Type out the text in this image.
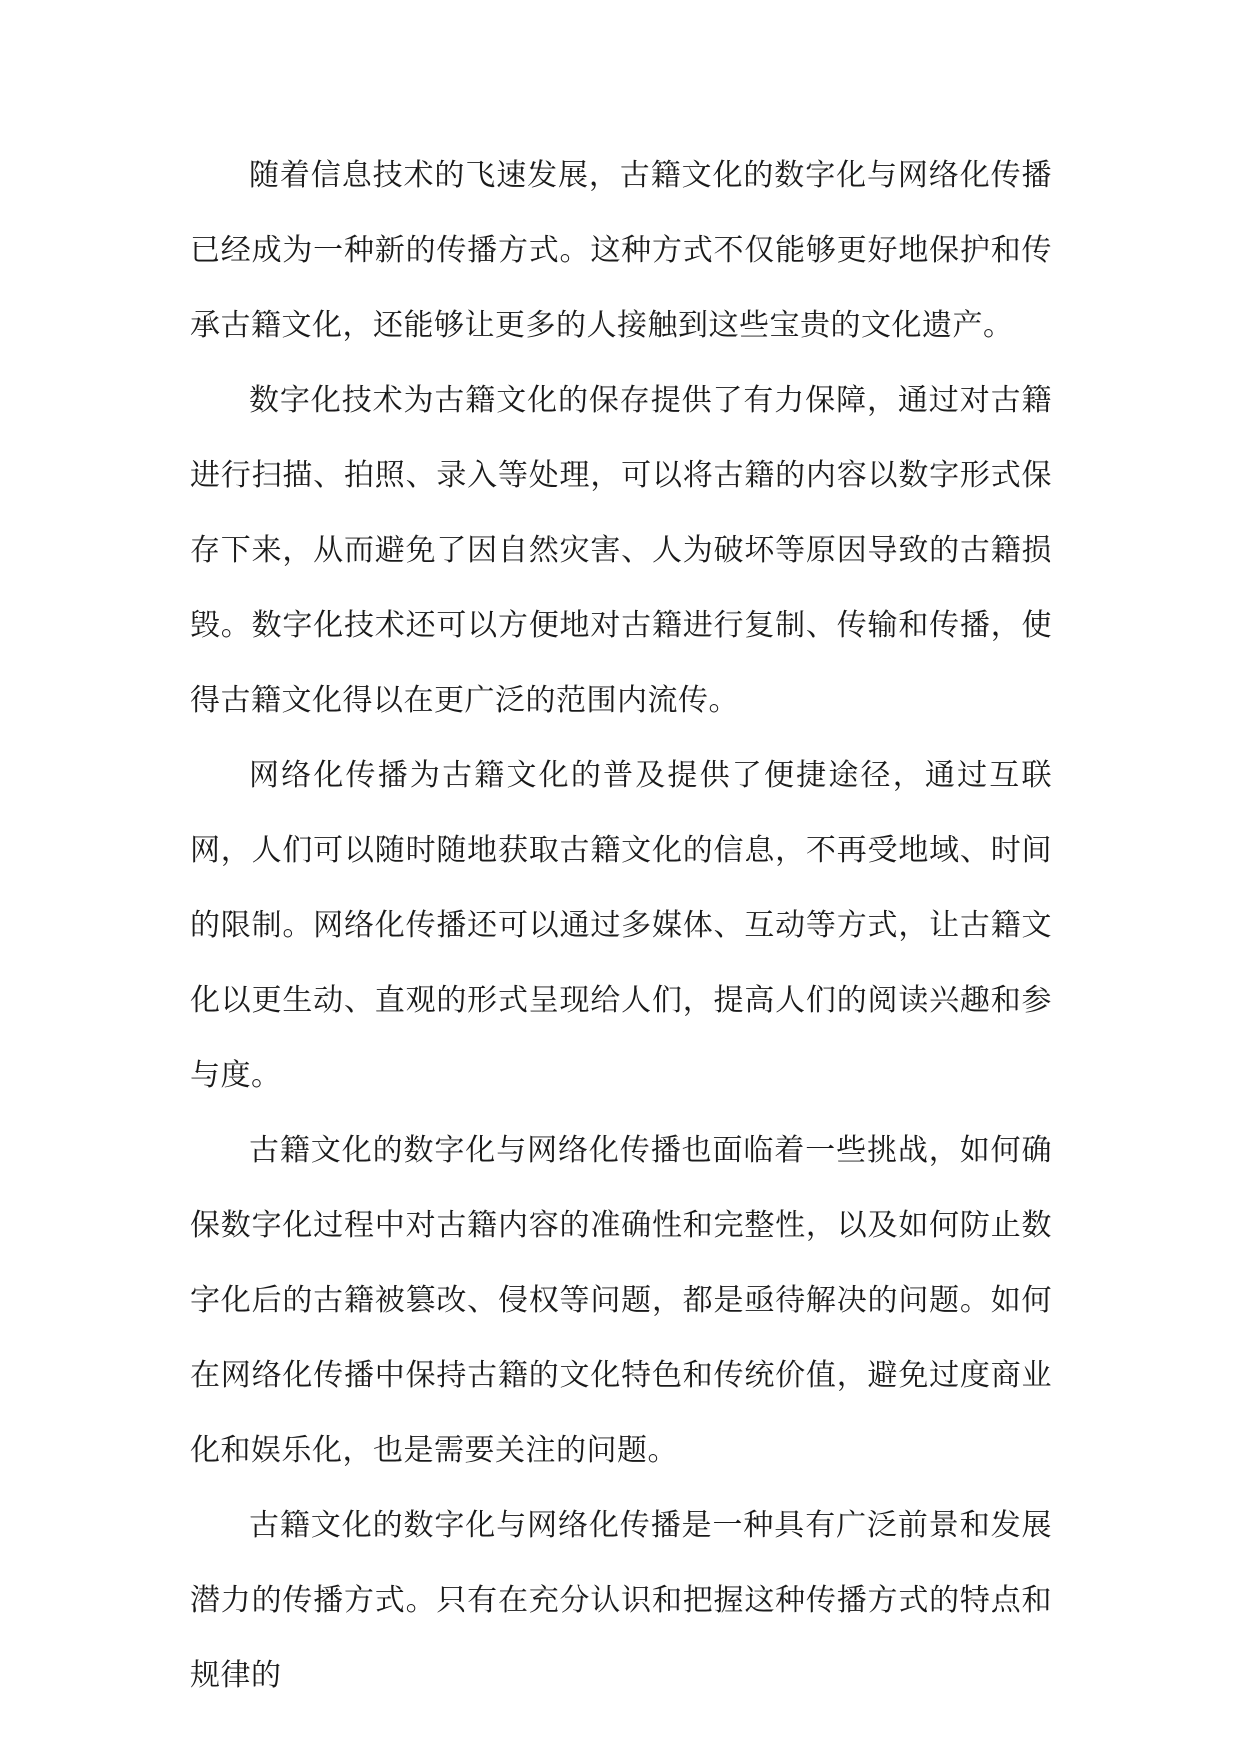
随着信息技术的飞速发展，古籍文化的数字化与网络化传播已经成为一种新的传播方式。这种方式不仅能够更好地保护和传承古籍文化，还能够让更多的人接触到这些宝贵的文化遗产。

数字化技术为古籍文化的保存提供了有力保障，通过对古籍进行扫描、拍照、录入等处理，可以将古籍的内容以数字形式保存下来，从而避免了因自然灾害、人为破坏等原因导致的古籍损毁。数字化技术还可以方便地对古籍进行复制、传输和传播，使得古籍文化得以在更广泛的范围内流传。

网络化传播为古籍文化的普及提供了便捷途径，通过互联网，人们可以随时随地获取古籍文化的信息，不再受地域、时间的限制。网络化传播还可以通过多媒体、互动等方式，让古籍文化以更生动、直观的形式呈现给人们，提高人们的阅读兴趣和参与度。

古籍文化的数字化与网络化传播也面临着一些挑战，如何确保数字化过程中对古籍内容的准确性和完整性，以及如何防止数字化后的古籍被篡改、侵权等问题，都是亟待解决的问题。如何在网络化传播中保持古籍的文化特色和传统价值，避免过度商业化和娱乐化，也是需要关注的问题。

古籍文化的数字化与网络化传播是一种具有广泛前景和发展潜力的传播方式。只有在充分认识和把握这种传播方式的特点和规律的
